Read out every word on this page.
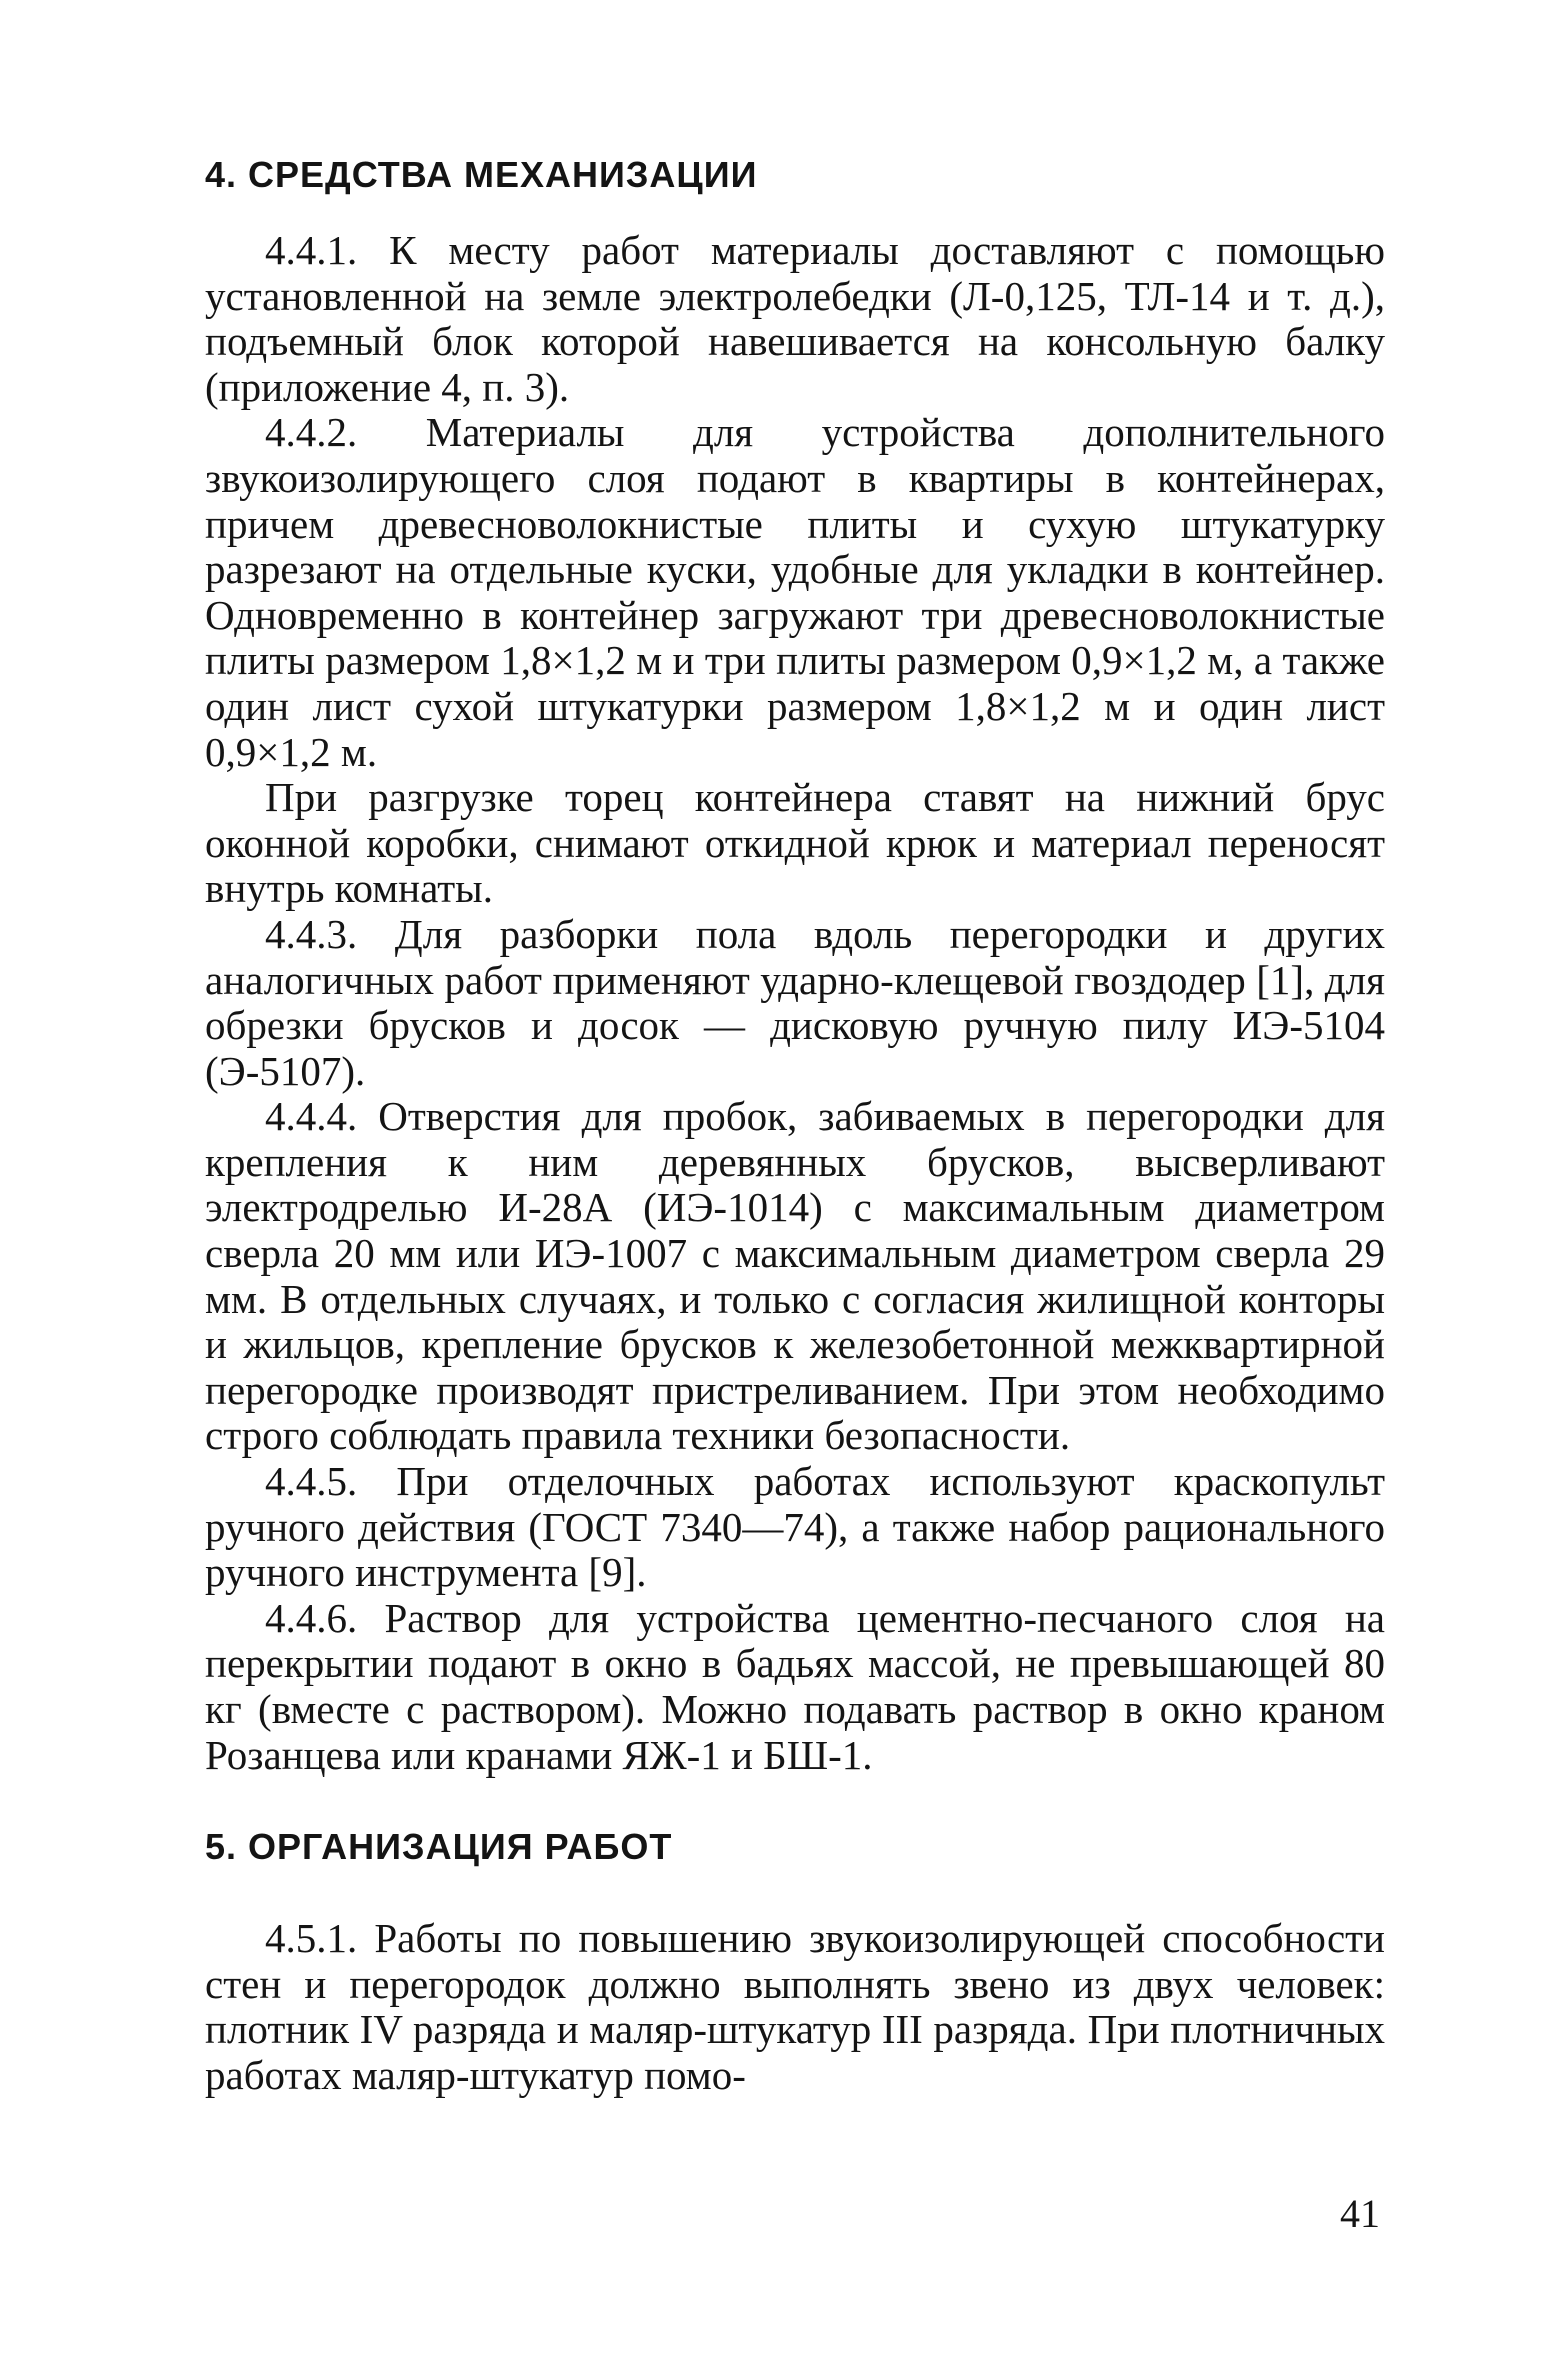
4. СРЕДСТВА МЕХАНИЗАЦИИ

4.4.1. К месту работ материалы доставляют с помощью установленной на земле электролебедки (Л-0,125, ТЛ-14 и т. д.), подъемный блок которой навешивается на консольную балку (приложение 4, п. 3).

4.4.2. Материалы для устройства дополнительного звукоизолирующего слоя подают в квартиры в контейнерах, причем древесноволокнистые плиты и сухую штукатурку разрезают на отдельные куски, удобные для укладки в контейнер. Одновременно в контейнер загружают три древесноволокнистые плиты размером 1,8×1,2 м и три плиты размером 0,9×1,2 м, а также один лист сухой штукатурки размером 1,8×1,2 м и один лист 0,9×1,2 м.

При разгрузке торец контейнера ставят на нижний брус оконной коробки, снимают откидной крюк и материал переносят внутрь комнаты.

4.4.3. Для разборки пола вдоль перегородки и других аналогичных работ применяют ударно-клещевой гвоздодер [1], для обрезки брусков и досок — дисковую ручную пилу ИЭ-5104 (Э-5107).

4.4.4. Отверстия для пробок, забиваемых в перегородки для крепления к ним деревянных брусков, высверливают электродрелью И-28А (ИЭ-1014) с максимальным диаметром сверла 20 мм или ИЭ-1007 с максимальным диаметром сверла 29 мм. В отдельных случаях, и только с согласия жилищной конторы и жильцов, крепление брусков к железобетонной межквартирной перегородке производят пристреливанием. При этом необходимо строго соблюдать правила техники безопасности.

4.4.5. При отделочных работах используют краскопульт ручного действия (ГОСТ 7340—74), а также набор рационального ручного инструмента [9].

4.4.6. Раствор для устройства цементно-песчаного слоя на перекрытии подают в окно в бадьях массой, не превышающей 80 кг (вместе с раствором). Можно подавать раствор в окно краном Розанцева или кранами ЯЖ-1 и БШ-1.

5. ОРГАНИЗАЦИЯ РАБОТ

4.5.1. Работы по повышению звукоизолирующей способности стен и перегородок должно выполнять звено из двух человек: плотник IV разряда и маляр-штукатур III разряда. При плотничных работах маляр-штукатур помо-

41
